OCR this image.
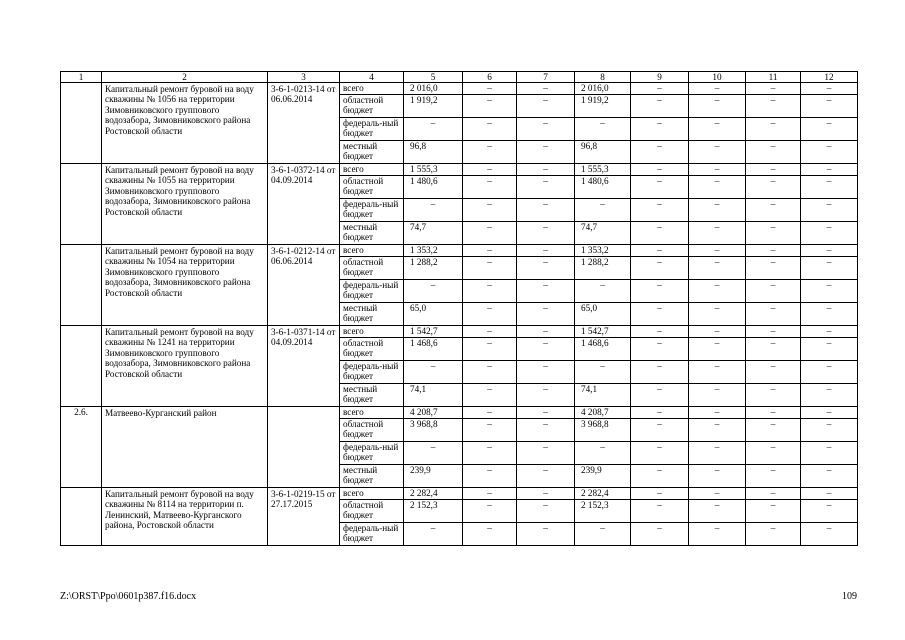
1	2	3	4	5	6	7	8	9	10	11	12
	Капитальный ремонт буровой на воду скважины № 1056 на территории Зимовниковского группового водозабора, Зимовниковского района Ростовской области	3-6-1-0213-14 от 06.06.2014	всего	2 016,0	–	–	2 016,0	–	–	–	–
			областной бюджет	1 919,2	–	–	1 919,2	–	–	–	–
			федераль-ный бюджет	–	–	–	–	–	–	–	–
			местный бюджет	96,8	–	–	96,8	–	–	–	–
	Капитальный ремонт буровой на воду скважины № 1055 на территории Зимовниковского группового водозабора, Зимовниковского района Ростовской области	3-6-1-0372-14 от 04.09.2014	всего	1 555,3	–	–	1 555,3	–	–	–	–
			областной бюджет	1 480,6	–	–	1 480,6	–	–	–	–
			федераль-ный бюджет	–	–	–	–	–	–	–	–
			местный бюджет	74,7	–	–	74,7	–	–	–	–
	Капитальный ремонт буровой на воду скважины № 1054 на территории Зимовниковского группового водозабора, Зимовниковского района Ростовской области	3-6-1-0212-14 от 06.06.2014	всего	1 353,2	–	–	1 353,2	–	–	–	–
			областной бюджет	1 288,2	–	–	1 288,2	–	–	–	–
			федераль-ный бюджет	–	–	–	–	–	–	–	–
			местный бюджет	65,0	–	–	65,0	–	–	–	–
	Капитальный ремонт буровой на воду скважины № 1241 на территории Зимовниковского группового водозабора, Зимовниковского района Ростовской области	3-6-1-0371-14 от 04.09.2014	всего	1 542,7	–	–	1 542,7	–	–	–	–
			областной бюджет	1 468,6	–	–	1 468,6	–	–	–	–
			федераль-ный бюджет	–	–	–	–	–	–	–	–
			местный бюджет	74,1	–	–	74,1	–	–	–	–
2.6.	Матвеево-Курганский район		всего	4 208,7	–	–	4 208,7	–	–	–	–
			областной бюджет	3 968,8	–	–	3 968,8	–	–	–	–
			федераль-ный бюджет	–	–	–	–	–	–	–	–
			местный бюджет	239,9	–	–	239,9	–	–	–	–
	Капитальный ремонт буровой на воду скважины № 8114 на территории п. Ленинский, Матвеево-Курганского района, Ростовской области	3-6-1-0219-15 от 27.17.2015	всего	2 282,4	–	–	2 282,4	–	–	–	–
			областной бюджет	2 152,3	–	–	2 152,3	–	–	–	–
			федераль-ный бюджет	–	–	–	–	–	–	–	–
Z:\ORST\Ppo\0601p387.f16.docx	109
